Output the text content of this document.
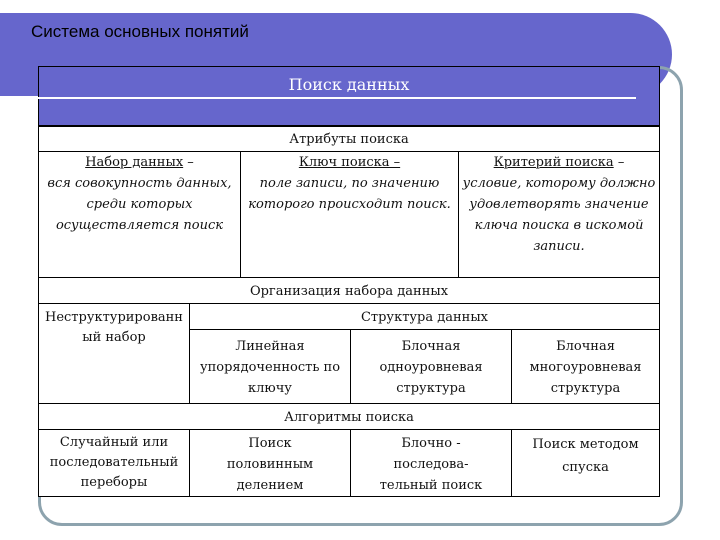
Система основных понятий
Поиск данных
Атрибуты поиска
Набор данных –
вся совокупность данных, среди которых осуществляется поиск
Ключ поиска –
поле записи, по значению которого происходит поиск.
Критерий поиска –
условие, которому должно удовлетворять значение ключа поиска в искомой записи.
Организация набора данных
Неструктурированный набор
Структура данных
Линейная упорядоченность по ключу
Блочная одноуровневая структура
Блочная многоуровневая структура
Алгоритмы поиска
Случайный или последовательный переборы
Поиск половинным делением
Блочно - последова-тельный поиск
Поиск методом спуска
